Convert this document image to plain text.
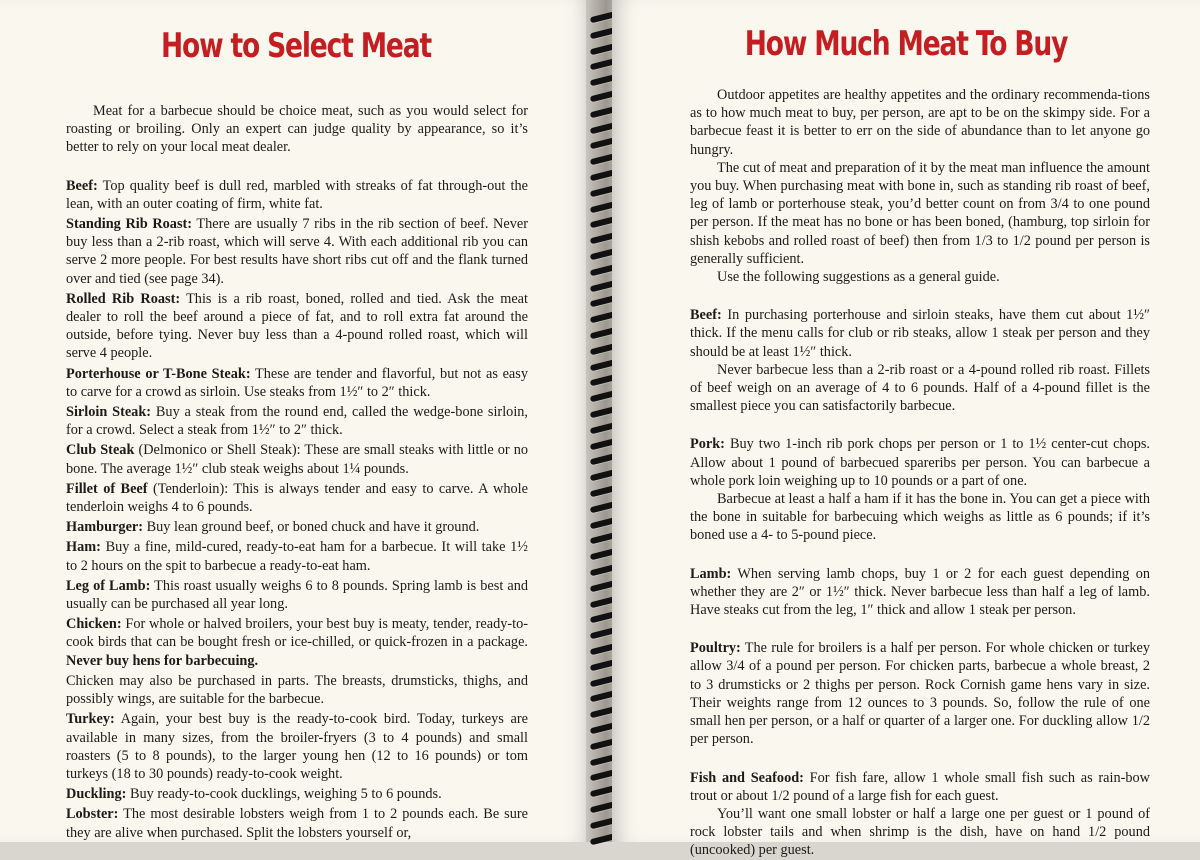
How to Select Meat

Meat for a barbecue should be choice meat, such as you would select for roasting or broiling. Only an expert can judge quality by appearance, so it’s better to rely on your local meat dealer.

Beef: Top quality beef is dull red, marbled with streaks of fat through-out the lean, with an outer coating of firm, white fat.

Standing Rib Roast: There are usually 7 ribs in the rib section of beef. Never buy less than a 2-rib roast, which will serve 4. With each additional rib you can serve 2 more people. For best results have short ribs cut off and the flank turned over and tied (see page 34).

Rolled Rib Roast: This is a rib roast, boned, rolled and tied. Ask the meat dealer to roll the beef around a piece of fat, and to roll extra fat around the outside, before tying. Never buy less than a 4-pound rolled roast, which will serve 4 people.

Porterhouse or T-Bone Steak: These are tender and flavorful, but not as easy to carve for a crowd as sirloin. Use steaks from 1½″ to 2″ thick.

Sirloin Steak: Buy a steak from the round end, called the wedge-bone sirloin, for a crowd. Select a steak from 1½″ to 2″ thick.

Club Steak (Delmonico or Shell Steak): These are small steaks with little or no bone. The average 1½″ club steak weighs about 1¼ pounds.

Fillet of Beef (Tenderloin): This is always tender and easy to carve. A whole tenderloin weighs 4 to 6 pounds.

Hamburger: Buy lean ground beef, or boned chuck and have it ground.

Ham: Buy a fine, mild-cured, ready-to-eat ham for a barbecue. It will take 1½ to 2 hours on the spit to barbecue a ready-to-eat ham.

Leg of Lamb: This roast usually weighs 6 to 8 pounds. Spring lamb is best and usually can be purchased all year long.

Chicken: For whole or halved broilers, your best buy is meaty, tender, ready-to-cook birds that can be bought fresh or ice-chilled, or quick-frozen in a package. Never buy hens for barbecuing.

Chicken may also be purchased in parts. The breasts, drumsticks, thighs, and possibly wings, are suitable for the barbecue.

Turkey: Again, your best buy is the ready-to-cook bird. Today, turkeys are available in many sizes, from the broiler-fryers (3 to 4 pounds) and small roasters (5 to 8 pounds), to the larger young hen (12 to 16 pounds) or tom turkeys (18 to 30 pounds) ready-to-cook weight.

Duckling: Buy ready-to-cook ducklings, weighing 5 to 6 pounds.

Lobster: The most desirable lobsters weigh from 1 to 2 pounds each. Be sure they are alive when purchased. Split the lobsters yourself or,

How Much Meat To Buy

Outdoor appetites are healthy appetites and the ordinary recommenda-tions as to how much meat to buy, per person, are apt to be on the skimpy side. For a barbecue feast it is better to err on the side of abundance than to let anyone go hungry.

The cut of meat and preparation of it by the meat man influence the amount you buy. When purchasing meat with bone in, such as standing rib roast of beef, leg of lamb or porterhouse steak, you’d better count on from 3/4 to one pound per person. If the meat has no bone or has been boned, (hamburg, top sirloin for shish kebobs and rolled roast of beef) then from 1/3 to 1/2 pound per person is generally sufficient.

Use the following suggestions as a general guide.

Beef: In purchasing porterhouse and sirloin steaks, have them cut about 1½″ thick. If the menu calls for club or rib steaks, allow 1 steak per person and they should be at least 1½″ thick.

Never barbecue less than a 2-rib roast or a 4-pound rolled rib roast. Fillets of beef weigh on an average of 4 to 6 pounds. Half of a 4-pound fillet is the smallest piece you can satisfactorily barbecue.

Pork: Buy two 1-inch rib pork chops per person or 1 to 1½ center-cut chops. Allow about 1 pound of barbecued spareribs per person. You can barbecue a whole pork loin weighing up to 10 pounds or a part of one.

Barbecue at least a half a ham if it has the bone in. You can get a piece with the bone in suitable for barbecuing which weighs as little as 6 pounds; if it’s boned use a 4- to 5-pound piece.

Lamb: When serving lamb chops, buy 1 or 2 for each guest depending on whether they are 2″ or 1½″ thick. Never barbecue less than half a leg of lamb. Have steaks cut from the leg, 1″ thick and allow 1 steak per person.

Poultry: The rule for broilers is a half per person. For whole chicken or turkey allow 3/4 of a pound per person. For chicken parts, barbecue a whole breast, 2 to 3 drumsticks or 2 thighs per person. Rock Cornish game hens vary in size. Their weights range from 12 ounces to 3 pounds. So, follow the rule of one small hen per person, or a half or quarter of a larger one. For duckling allow 1/2 per person.

Fish and Seafood: For fish fare, allow 1 whole small fish such as rain-bow trout or about 1/2 pound of a large fish for each guest.

You’ll want one small lobster or half a large one per guest or 1 pound of rock lobster tails and when shrimp is the dish, have on hand 1/2 pound (uncooked) per guest.
